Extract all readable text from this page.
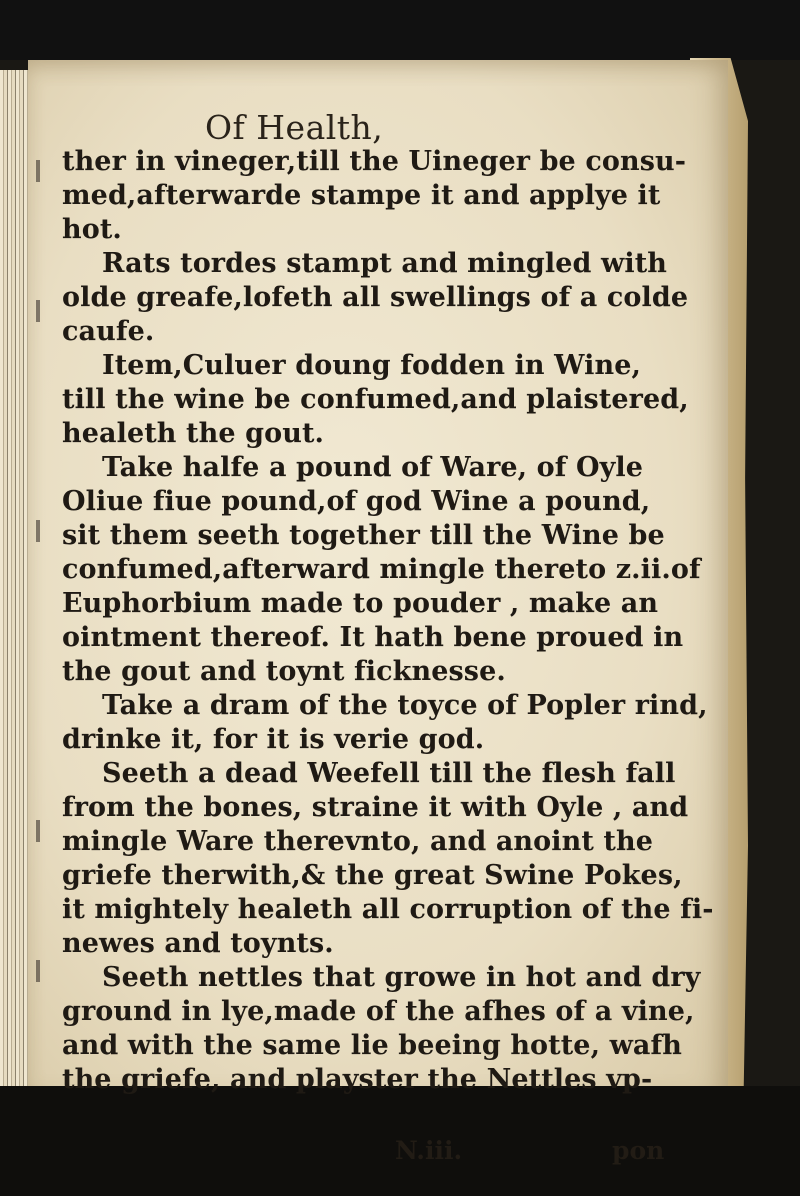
Of Health,
ther in vineger,till the Uineger be consu-
med,afterwarde stampe it and applye it
hot.
Rats tordes stampt and mingled with
olde greafe,lofeth all swellings of a colde
caufe.
Item,Culuer doung fodden in Wine,
till the wine be confumed,and plaistered,
healeth the gout.
Take halfe a pound of Ware, of Oyle
Oliue fiue pound,of god Wine a pound,
sit them seeth together till the Wine be
confumed,afterward mingle thereto z.ii.of
Euphorbium made to pouder , make an
ointment thereof. It hath bene proued in
the gout and toynt ficknesse.
Take a dram of the toyce of Popler rind,
drinke it, for it is verie god.
Seeth a dead Weefell till the flesh fall
from the bones, straine it with Oyle , and
mingle Ware therevnto, and anoint the
griefe therwith,& the great Swine Pokes,
it mightely healeth all corruption of the fi-
newes and toynts.
Seeth nettles that growe in hot and dry
ground in lye,made of the afhes of a vine,
and with the same lie beeing hotte, wafh
the griefe, and playster the Nettles vp-
N.iii.	pon
